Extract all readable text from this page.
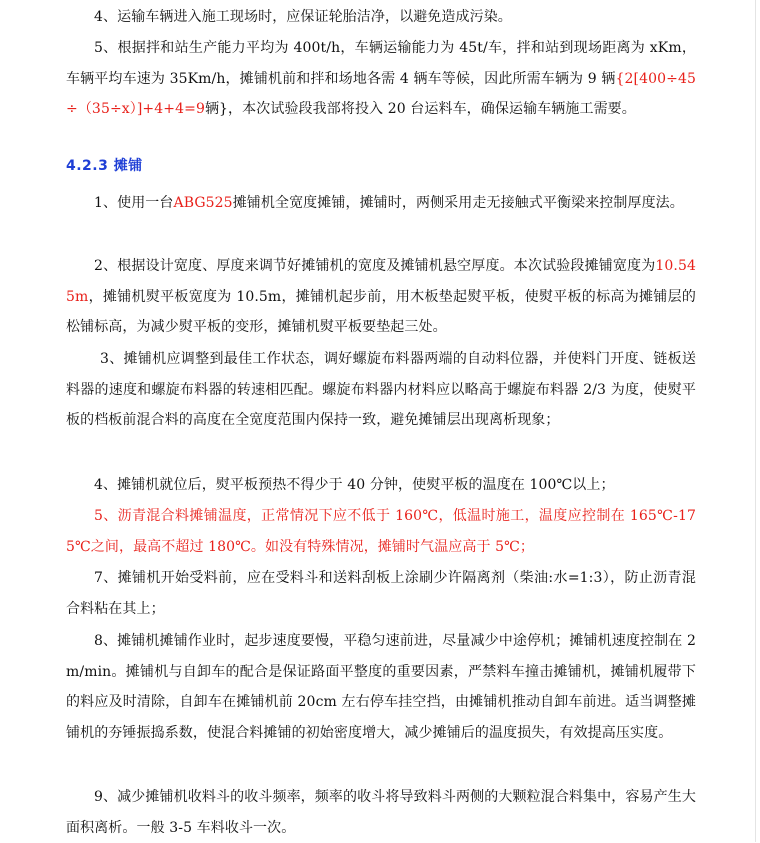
4、运输车辆进入施工现场时，应保证轮胎洁净，以避免造成污染。
5、根据拌和站生产能力平均为 400t/h，车辆运输能力为 45t/车，拌和站到现场距离为 xKm，车辆平均车速为 35Km/h，摊铺机前和拌和场地各需 4 辆车等候，因此所需车辆为 9 辆{2[400÷45÷（35÷x）]+4+4=9辆}，本次试验段我部将投入 20 台运料车，确保运输车辆施工需要。
4.2.3 摊铺
1、使用一台ABG525摊铺机全宽度摊铺，摊铺时，两侧采用走无接触式平衡梁来控制厚度法。
2、根据设计宽度、厚度来调节好摊铺机的宽度及摊铺机悬空厚度。本次试验段摊铺宽度为10.545m，摊铺机熨平板宽度为 10.5m，摊铺机起步前，用木板垫起熨平板，使熨平板的标高为摊铺层的松铺标高，为减少熨平板的变形，摊铺机熨平板要垫起三处。
3、摊铺机应调整到最佳工作状态，调好螺旋布料器两端的自动料位器，并使料门开度、链板送料器的速度和螺旋布料器的转速相匹配。螺旋布料器内材料应以略高于螺旋布料器 2/3 为度，使熨平板的档板前混合料的高度在全宽度范围内保持一致，避免摊铺层出现离析现象；
4、摊铺机就位后，熨平板预热不得少于 40 分钟，使熨平板的温度在 100℃以上；
5、沥青混合料摊铺温度，正常情况下应不低于 160℃，低温时施工，温度应控制在 165℃-175℃之间，最高不超过 180℃。如没有特殊情况，摊铺时气温应高于 5℃；
7、摊铺机开始受料前，应在受料斗和送料刮板上涂刷少许隔离剂（柴油:水=1:3），防止沥青混合料粘在其上；
8、摊铺机摊铺作业时，起步速度要慢，平稳匀速前进，尽量减少中途停机；摊铺机速度控制在 2m/min。摊铺机与自卸车的配合是保证路面平整度的重要因素，严禁料车撞击摊铺机，摊铺机履带下的料应及时清除，自卸车在摊铺机前 20cm 左右停车挂空挡，由摊铺机推动自卸车前进。适当调整摊铺机的夯锤振捣系数，使混合料摊铺的初始密度增大，减少摊铺后的温度损失，有效提高压实度。
9、减少摊铺机收料斗的收斗频率，频率的收斗将导致料斗两侧的大颗粒混合料集中，容易产生大面积离析。一般 3-5 车料收斗一次。
